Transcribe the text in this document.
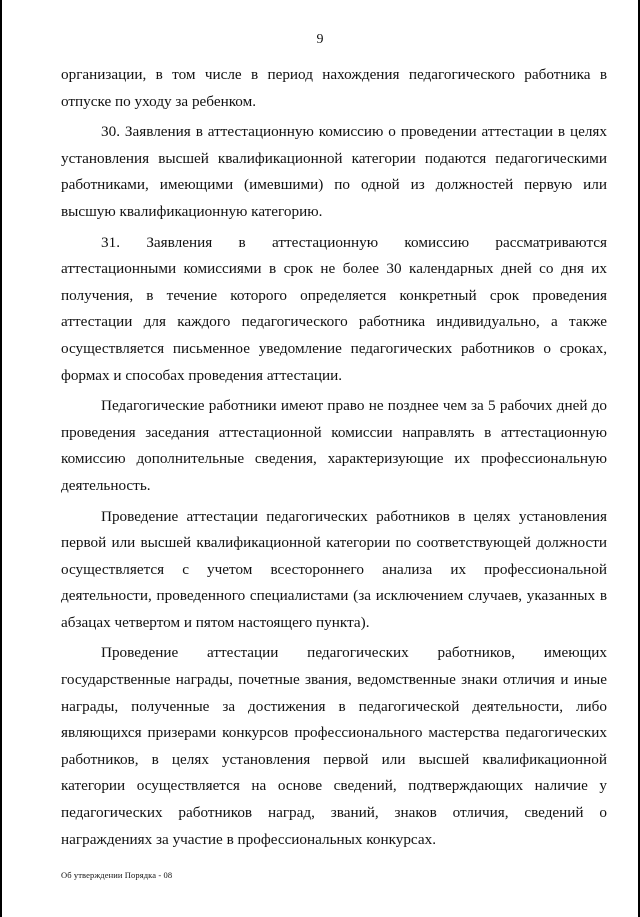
9

организации, в том числе в период нахождения педагогического работника в отпуске по уходу за ребенком.

30. Заявления в аттестационную комиссию о проведении аттестации в целях установления высшей квалификационной категории подаются педагогическими работниками, имеющими (имевшими) по одной из должностей первую или высшую квалификационную категорию.

31. Заявления в аттестационную комиссию рассматриваются аттестационными комиссиями в срок не более 30 календарных дней со дня их получения, в течение которого определяется конкретный срок проведения аттестации для каждого педагогического работника индивидуально, а также осуществляется письменное уведомление педагогических работников о сроках, формах и способах проведения аттестации.

Педагогические работники имеют право не позднее чем за 5 рабочих дней до проведения заседания аттестационной комиссии направлять в аттестационную комиссию дополнительные сведения, характеризующие их профессиональную деятельность.

Проведение аттестации педагогических работников в целях установления первой или высшей квалификационной категории по соответствующей должности осуществляется с учетом всестороннего анализа их профессиональной деятельности, проведенного специалистами (за исключением случаев, указанных в абзацах четвертом и пятом настоящего пункта).

Проведение аттестации педагогических работников, имеющих государственные награды, почетные звания, ведомственные знаки отличия и иные награды, полученные за достижения в педагогической деятельности, либо являющихся призерами конкурсов профессионального мастерства педагогических работников, в целях установления первой или высшей квалификационной категории осуществляется на основе сведений, подтверждающих наличие у педагогических работников наград, званий, знаков отличия, сведений о награждениях за участие в профессиональных конкурсах.

Об утверждении Порядка - 08
